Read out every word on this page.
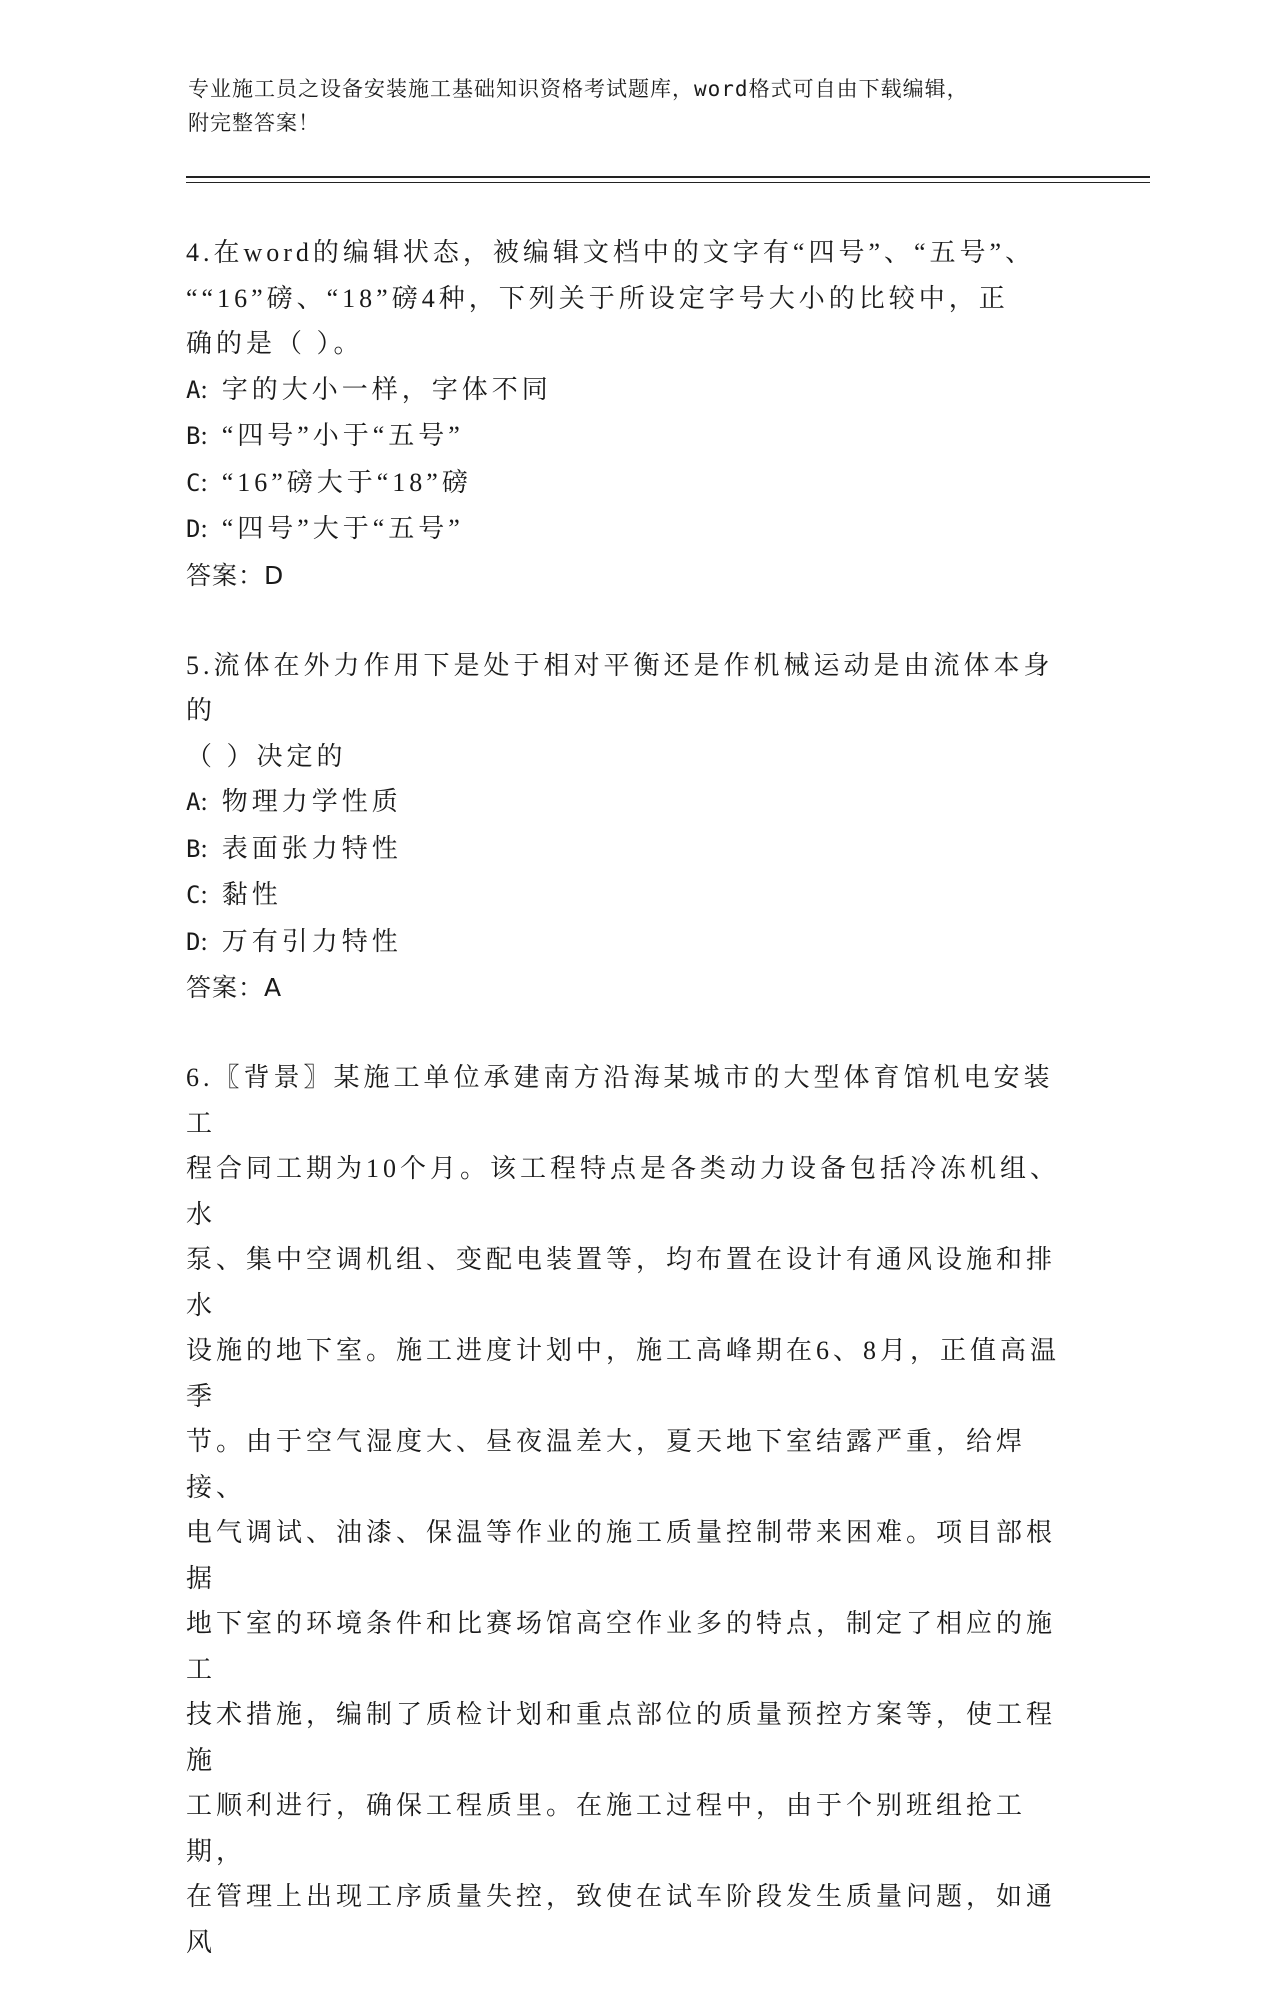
专业施工员之设备安装施工基础知识资格考试题库，word格式可自由下载编辑，
附完整答案！
4.在word的编辑状态，被编辑文档中的文字有“四号”、“五号”、
““16”磅、“18”磅4种，下列关于所设定字号大小的比较中，正
确的是（ ）。
A: 字的大小一样，字体不同
B: “四号”小于“五号”
C: “16”磅大于“18”磅
D: “四号”大于“五号”
答案：D
5.流体在外力作用下是处于相对平衡还是作机械运动是由流体本身的
（ ）决定的
A: 物理力学性质
B: 表面张力特性
C: 黏性
D: 万有引力特性
答案：A
6.〖背景〗某施工单位承建南方沿海某城市的大型体育馆机电安装工
程合同工期为10个月。该工程特点是各类动力设备包括冷冻机组、水
泵、集中空调机组、变配电装置等，均布置在设计有通风设施和排水
设施的地下室。施工进度计划中，施工高峰期在6、8月，正值高温季
节。由于空气湿度大、昼夜温差大，夏天地下室结露严重，给焊接、
电气调试、油漆、保温等作业的施工质量控制带来困难。项目部根据
地下室的环境条件和比赛场馆高空作业多的特点，制定了相应的施工
技术措施，编制了质检计划和重点部位的质量预控方案等，使工程施
工顺利进行，确保工程质里。在施工过程中，由于个别班组抢工期，
在管理上出现工序质量失控，致使在试车阶段发生质量问题，如通风
